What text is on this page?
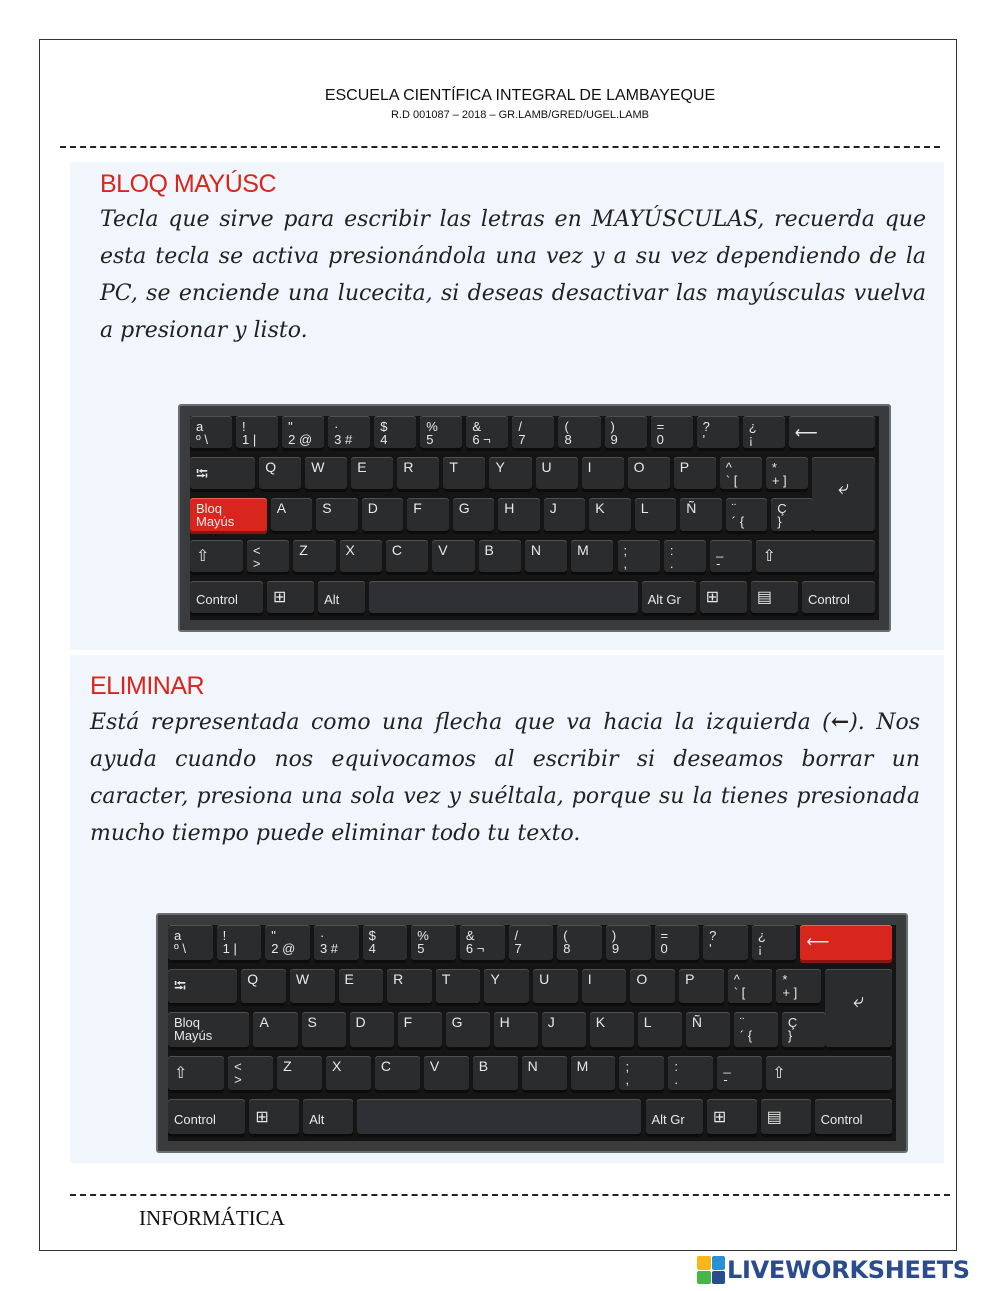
ESCUELA CIENTÍFICA INTEGRAL DE LAMBAYEQUE
R.D 001087 – 2018 – GR.LAMB/GRED/UGEL.LAMB
BLOQ MAYÚSC
Tecla que sirve para escribir las letras en MAYÚSCULAS, recuerda que esta tecla se activa presionándola una vez y a su vez dependiendo de la PC, se enciende una lucecita, si deseas desactivar las mayúsculas vuelva a presionar y listo.
a
º \
!
1 |
"
2 @
·
3 #
$
4
%
5
&
6 ¬
/
7
(
8
)
9
=
0
?
'
¿
¡	⟵
⭾	Q	W	E	R	T	Y	U	I	O	P	^
` [
*
+ ]	⤶
Bloq
Mayús
A	S	D	F	G	H	J	K	L	Ñ	¨
´ {
Ç
}
⇧	<
>
Z	X	C	V	B	N	M	;
,
:
.
_
-	⇧
Control	⊞	Alt	Alt Gr	⊞	▤	Control
ELIMINAR
Está representada como una flecha que va hacia la izquierda (←). Nos ayuda cuando nos equivocamos al escribir si deseamos borrar un caracter, presiona una sola vez y suéltala, porque su la tienes presionada mucho tiempo puede eliminar todo tu texto.
a
º \
!
1 |
"
2 @
·
3 #
$
4
%
5
&
6 ¬
/
7
(
8
)
9
=
0
?
'
¿
¡	⟵
⭾	Q	W	E	R	T	Y	U	I	O	P	^
` [
*
+ ]	⤶
Bloq
Mayús
A	S	D	F	G	H	J	K	L	Ñ	¨
´ {
Ç
}
⇧	<
>
Z	X	C	V	B	N	M	;
,
:
.
_
-	⇧
Control	⊞	Alt	Alt Gr	⊞	▤	Control
INFORMÁTICA
LIVEWORKSHEETS
